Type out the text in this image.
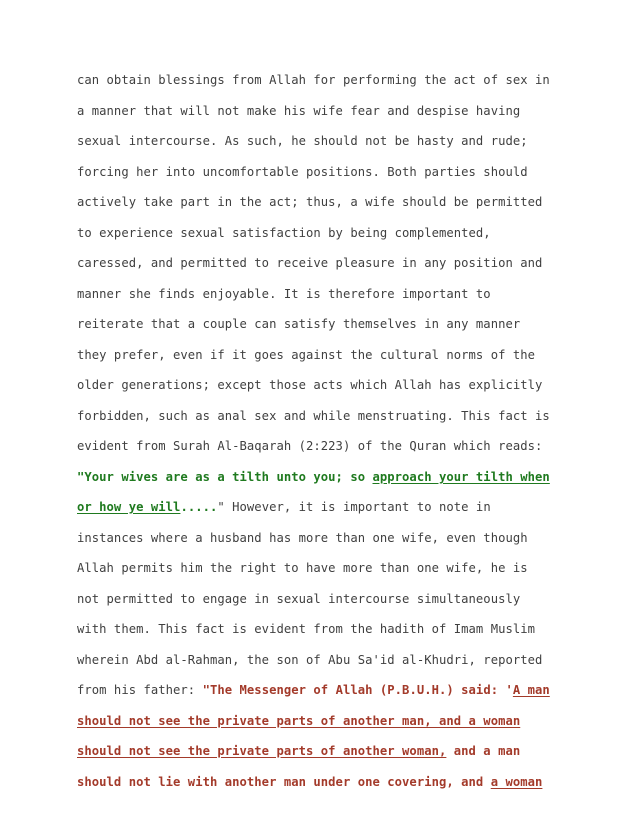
can obtain blessings from Allah for performing the act of sex in
a manner that will not make his wife fear and despise having
sexual intercourse. As such, he should not be hasty and rude;
forcing her into uncomfortable positions. Both parties should
actively take part in the act; thus, a wife should be permitted
to experience sexual satisfaction by being complemented,
caressed, and permitted to receive pleasure in any position and
manner she finds enjoyable. It is therefore important to
reiterate that a couple can satisfy themselves in any manner
they prefer, even if it goes against the cultural norms of the
older generations; except those acts which Allah has explicitly
forbidden, such as anal sex and while menstruating. This fact is
evident from Surah Al-Baqarah (2:223) of the Quran which reads:
"Your wives are as a tilth unto you; so approach your tilth when
or how ye will....." However, it is important to note in
instances where a husband has more than one wife, even though
Allah permits him the right to have more than one wife, he is
not permitted to engage in sexual intercourse simultaneously
with them. This fact is evident from the hadith of Imam Muslim
wherein Abd al-Rahman, the son of Abu Sa'id al-Khudri, reported
from his father: "The Messenger of Allah (P.B.U.H.) said: 'A man
should not see the private parts of another man, and a woman
should not see the private parts of another woman, and a man
should not lie with another man under one covering, and a woman
